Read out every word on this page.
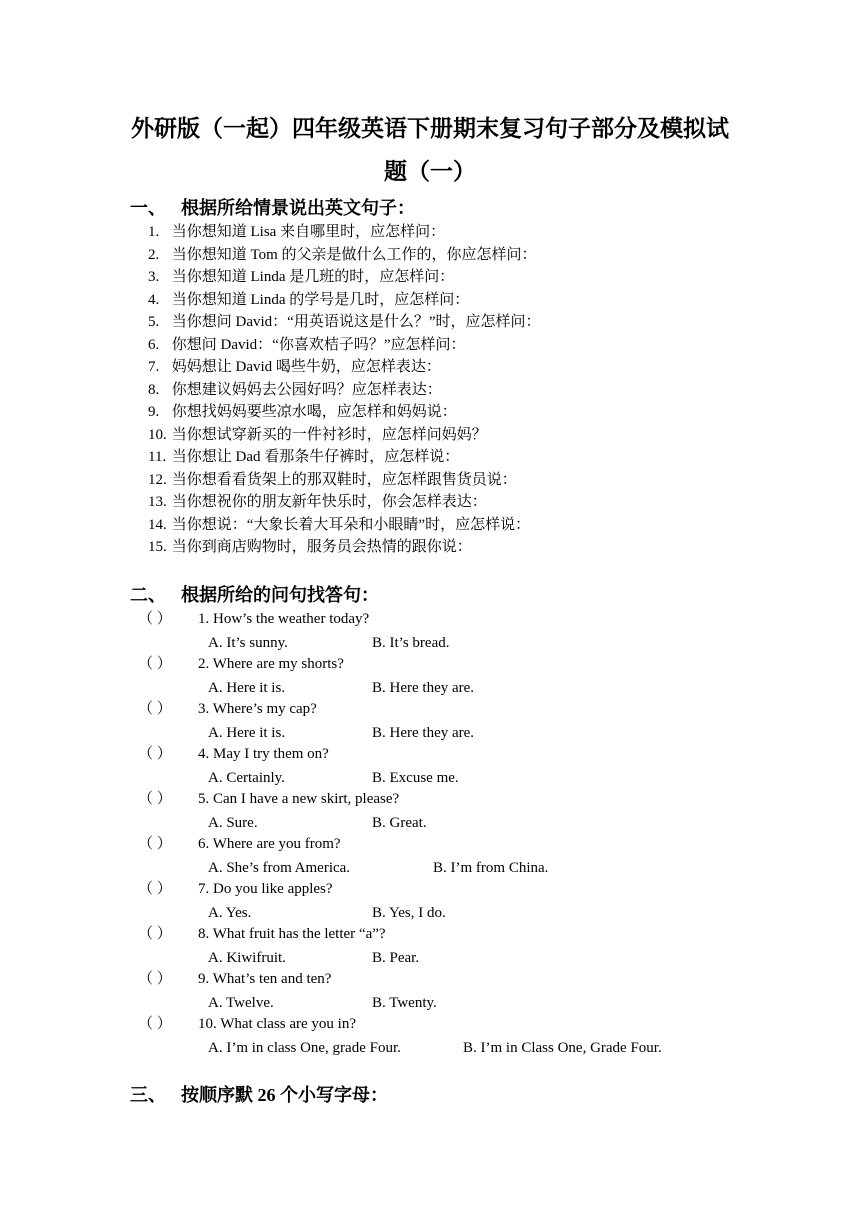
外研版（一起）四年级英语下册期末复习句子部分及模拟试
题（一）
一、 根据所给情景说出英文句子：
1. 当你想知道 Lisa 来自哪里时，应怎样问：
2. 当你想知道 Tom 的父亲是做什么工作的，你应怎样问：
3. 当你想知道 Linda 是几班的时，应怎样问：
4. 当你想知道 Linda 的学号是几时，应怎样问：
5. 当你想问 David：“用英语说这是什么？”时，应怎样问：
6. 你想问 David：“你喜欢桔子吗？”应怎样问：
7. 妈妈想让 David 喝些牛奶，应怎样表达：
8. 你想建议妈妈去公园好吗？应怎样表达：
9. 你想找妈妈要些凉水喝，应怎样和妈妈说：
10. 当你想试穿新买的一件衬衫时，应怎样问妈妈？
11. 当你想让 Dad 看那条牛仔裤时，应怎样说：
12. 当你想看看货架上的那双鞋时，应怎样跟售货员说：
13. 当你想祝你的朋友新年快乐时，你会怎样表达：
14. 当你想说：“大象长着大耳朵和小眼睛”时，应怎样说：
15. 当你到商店购物时，服务员会热情的跟你说：
二、 根据所给的问句找答句：
（ ） 1. How’s the weather today?
A. It’s sunny.	B. It’s bread.
（ ） 2. Where are my shorts?
A. Here it is.	B. Here they are.
（ ） 3. Where’s my cap?
A. Here it is.	B. Here they are.
（ ） 4. May I try them on?
A. Certainly.	B. Excuse me.
（ ） 5. Can I have a new skirt, please?
A. Sure.	B. Great.
（ ） 6. Where are you from?
A. She’s from America.	B. I’m from China.
（ ） 7. Do you like apples?
A. Yes.	B. Yes, I do.
（ ） 8. What fruit has the letter “a”?
A. Kiwifruit.	B. Pear.
（ ） 9. What’s ten and ten?
A. Twelve.	B. Twenty.
（ ） 10. What class are you in?
A. I’m in class One, grade Four.	B. I’m in Class One, Grade Four.
三、 按顺序默 26 个小写字母：
